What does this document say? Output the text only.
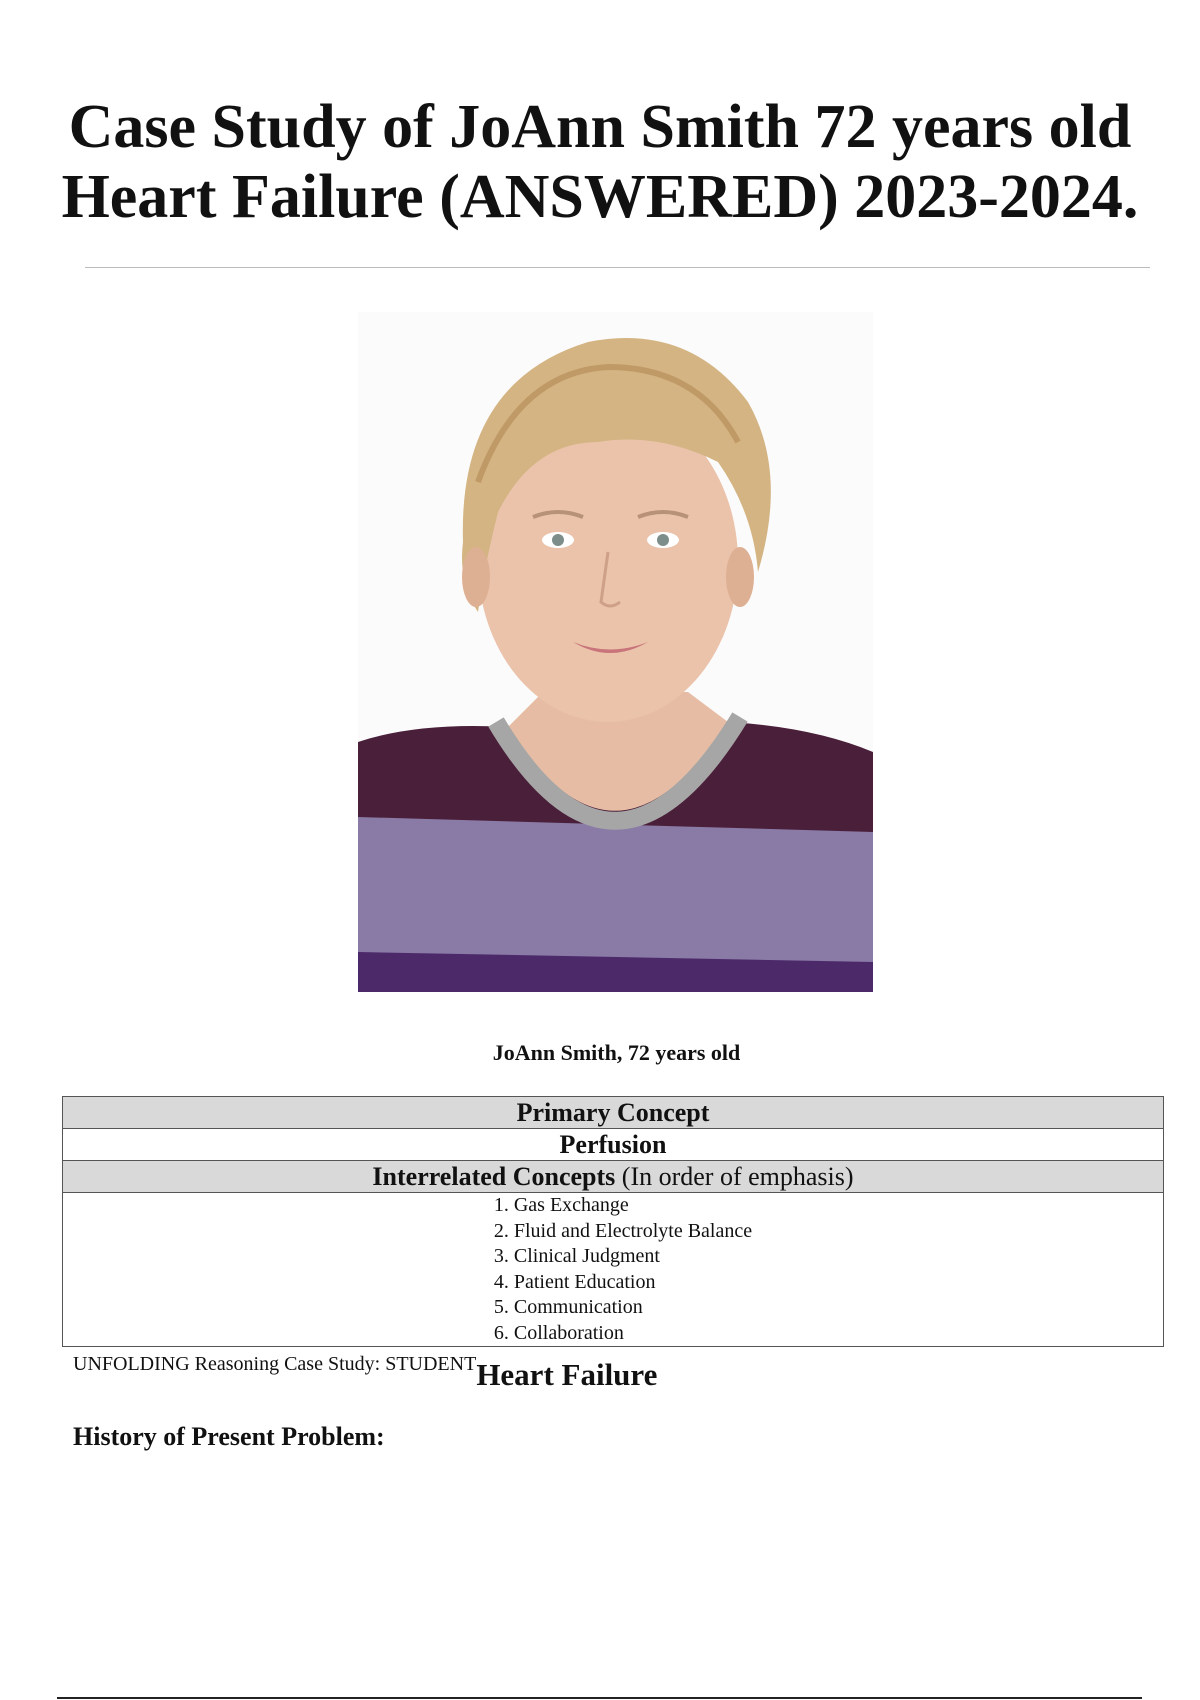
Case Study of JoAnn Smith 72 years old Heart Failure (ANSWERED) 2023-2024.
JoAnn Smith, 72 years old
Primary Concept
Perfusion
Interrelated Concepts (In order of emphasis)

1. Gas Exchange
2. Fluid and Electrolyte Balance
3. Clinical Judgment
4. Patient Education
5. Communication
6. Collaboration
UNFOLDING Reasoning Case Study: STUDENTHeart Failure
History of Present Problem:
